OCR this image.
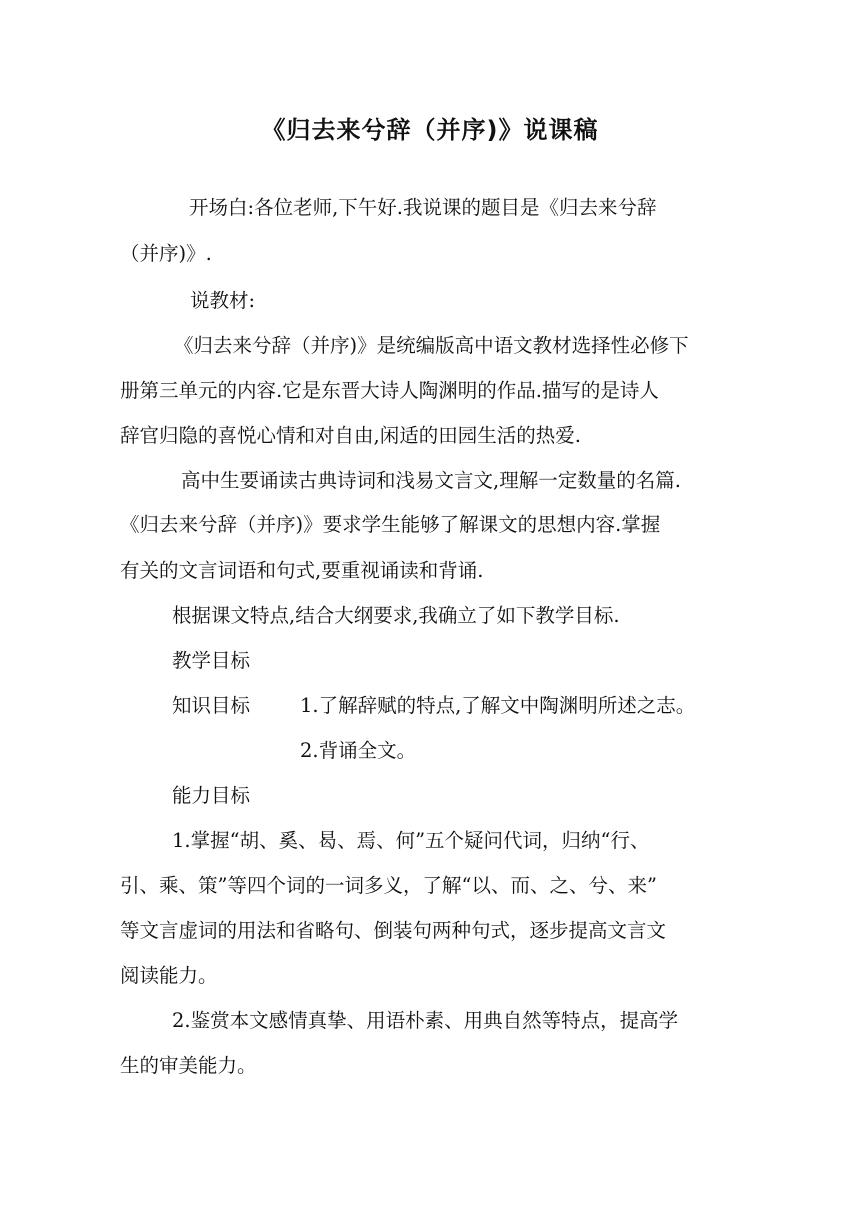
《归去来兮辞（并序)》说课稿
开场白:各位老师,下午好.我说课的题目是《归去来兮辞
（并序)》.
说教材:
《归去来兮辞（并序)》是统编版高中语文教材选择性必修下
册第三单元的内容.它是东晋大诗人陶渊明的作品.描写的是诗人
辞官归隐的喜悦心情和对自由,闲适的田园生活的热爱.
高中生要诵读古典诗词和浅易文言文,理解一定数量的名篇.
《归去来兮辞（并序)》要求学生能够了解课文的思想内容.掌握
有关的文言词语和句式,要重视诵读和背诵.
根据课文特点,结合大纲要求,我确立了如下教学目标.
教学目标
知识目标	1.了解辞赋的特点,了解文中陶渊明所述之志。
2.背诵全文。
能力目标
1.掌握“胡、奚、曷、焉、何”五个疑问代词，归纳“行、
引、乘、策”等四个词的一词多义，了解“以、而、之、兮、来”
等文言虚词的用法和省略句、倒装句两种句式，逐步提高文言文
阅读能力。
2.鉴赏本文感情真挚、用语朴素、用典自然等特点，提高学
生的审美能力。
